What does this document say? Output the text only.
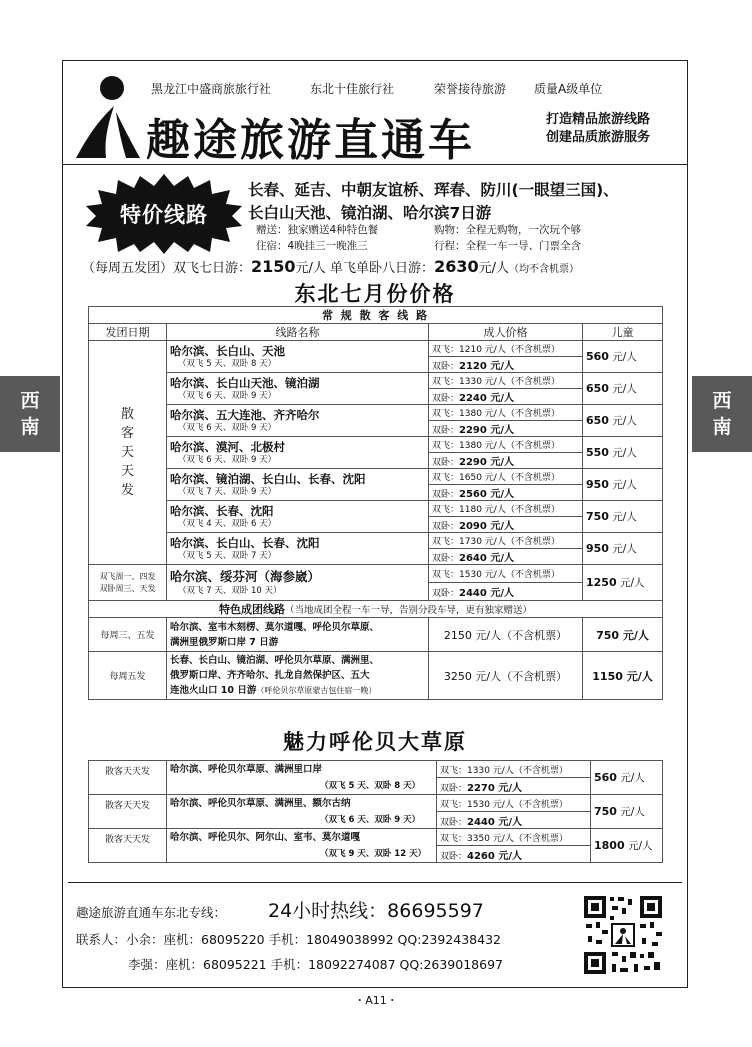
西
南
西
南
黑龙江中盛商旅旅行社	东北十佳旅行社	荣誉接待旅游 质量A级单位
趣途旅游直通车	打造精品旅游线路
创建品质旅游服务
特价线路
长春、延吉、中朝友谊桥、珲春、防川(一眼望三国)、
长白山天池、镜泊湖、哈尔滨7日游
赠送：独家赠送4种特色餐	购物：全程无购物，一次玩个够
住宿：4晚挂三一晚准三	行程：全程一车一导、门票全含
（每周五发团）双飞七日游：2150元/人 单飞单卧八日游：2630元/人（均不含机票）
东北七月份价格
常 规 散 客 线 路			
发团日期	线路名称	成人价格	儿童

散客天天发	哈尔滨、长白山、天池
（双飞 5 天、双卧 8 天）	双飞：1210 元/人（不含机票）	560 元/人
		双卧：2120 元/人	

	哈尔滨、长白山天池、镜泊湖
（双飞 6 天、双卧 9 天）	双飞：1330 元/人（不含机票）	650 元/人
		双卧：2240 元/人	

	哈尔滨、五大连池、齐齐哈尔
（双飞 6 天、双卧 9 天）	双飞：1380 元/人（不含机票）	650 元/人
		双卧：2290 元/人	

	哈尔滨、漠河、北极村
（双飞 6 天、双卧 9 天）	双飞：1380 元/人（不含机票）	550 元/人
		双卧：2290 元/人	

	哈尔滨、镜泊湖、长白山、长春、沈阳
（双飞 7 天、双卧 9 天）	双飞：1650 元/人（不含机票）	950 元/人
		双卧：2560 元/人	

	哈尔滨、长春、沈阳
（双飞 4 天、双卧 6 天）	双飞：1180 元/人（不含机票）	750 元/人
		双卧：2090 元/人	

	哈尔滨、长白山、长春、沈阳
（双飞 5 天、双卧 7 天）	双飞：1730 元/人（不含机票）	950 元/人
		双卧：2640 元/人	
双飞周一、四发
双卧周三、天发	哈尔滨、绥芬河（海参崴）
（双飞 7 天、双卧 10 天）	双飞：1530 元/人（不含机票）	1250 元/人
		双卧：2440 元/人	
特色成团线路（当地成团全程一车一导，告别分段车导，更有独家赠送）			
每周三、五发	哈尔滨、室韦木刻楞、莫尔道嘎、呼伦贝尔草原、
满洲里俄罗斯口岸 7 日游	2150 元/人（不含机票）	750 元/人
每周五发	长春、长白山、镜泊湖、呼伦贝尔草原、满洲里、
俄罗斯口岸、齐齐哈尔、扎龙自然保护区、五大
连池火山口 10 日游（呼伦贝尔草原蒙古包住宿一晚）	3250 元/人（不含机票）	1150 元/人
魅力呼伦贝大草原
散客天天发	哈尔滨、呼伦贝尔草原、满洲里口岸
（双飞 5 天、双卧 8 天）	双飞：1330 元/人（不含机票）	560 元/人
		双卧：2270 元/人	
散客天天发	哈尔滨、呼伦贝尔草原、满洲里、额尔古纳
（双飞 6 天、双卧 9 天）	双飞：1530 元/人（不含机票）	750 元/人
		双卧：2440 元/人	
散客天天发	哈尔滨、呼伦贝尔、阿尔山、室韦、莫尔道嘎
（双飞 9 天、双卧 12 天）	双飞：3350 元/人（不含机票）	1800 元/人
		双卧：4260 元/人	
趣途旅游直通车东北专线： 24小时热线：86695597
联系人：小余：座机：68095220 手机：18049038992 QQ:2392438432
李强：座机：68095221 手机：18092274087 QQ:2639018697
・A11・
